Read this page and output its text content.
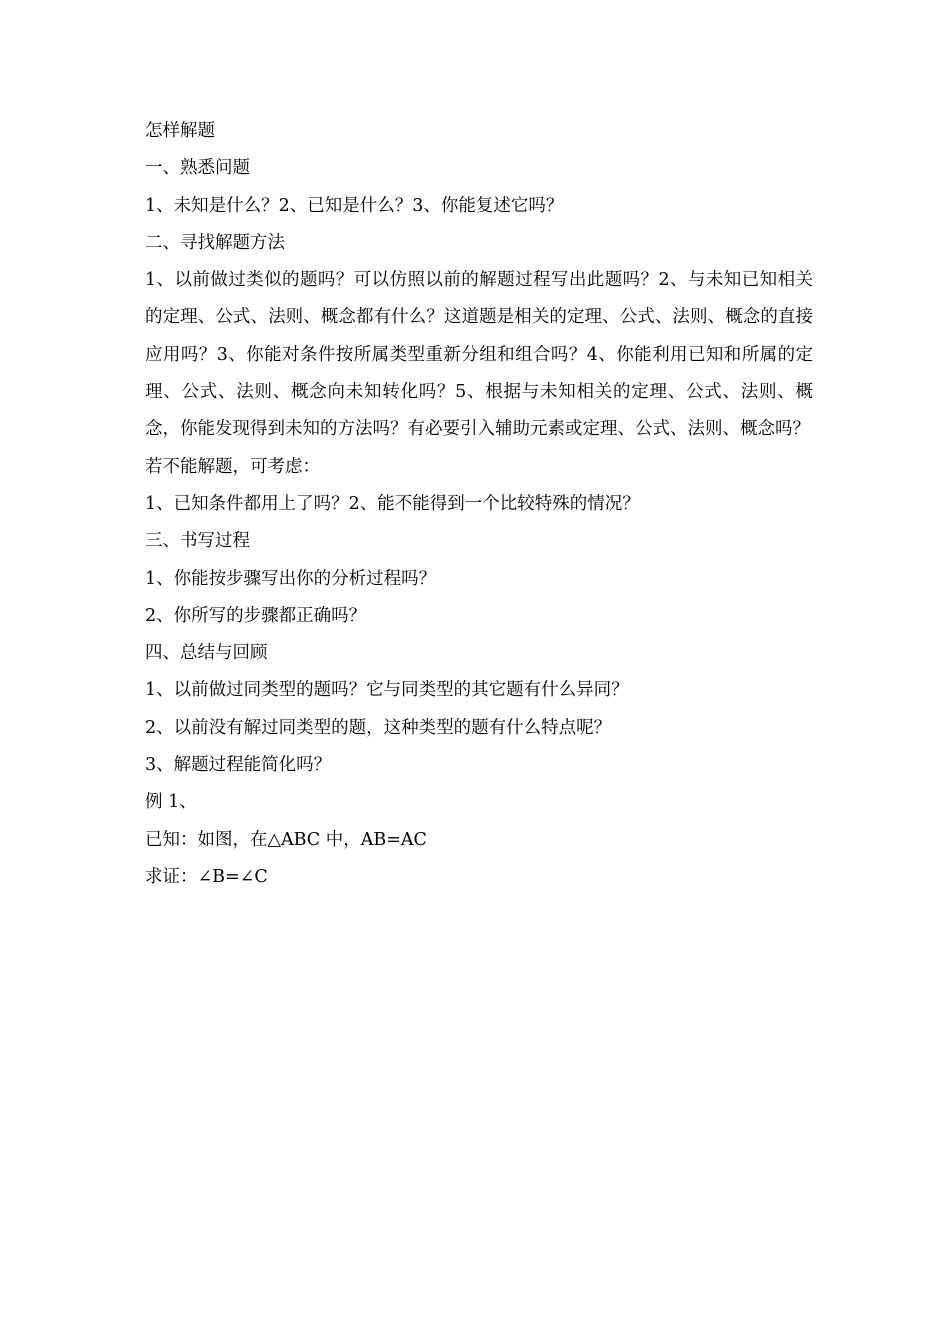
怎样解题

一、熟悉问题

1、未知是什么？2、已知是什么？3、你能复述它吗？

二、寻找解题方法

1、以前做过类似的题吗？可以仿照以前的解题过程写出此题吗？2、与未知已知相关的定理、公式、法则、概念都有什么？这道题是相关的定理、公式、法则、概念的直接应用吗？3、你能对条件按所属类型重新分组和组合吗？4、你能利用已知和所属的定理、公式、法则、概念向未知转化吗？5、根据与未知相关的定理、公式、法则、概念，你能发现得到未知的方法吗？有必要引入辅助元素或定理、公式、法则、概念吗？

若不能解题，可考虑：

1、已知条件都用上了吗？2、能不能得到一个比较特殊的情况？

三、书写过程

1、你能按步骤写出你的分析过程吗？

2、你所写的步骤都正确吗？

四、总结与回顾

1、以前做过同类型的题吗？它与同类型的其它题有什么异同？

2、以前没有解过同类型的题，这种类型的题有什么特点呢？

3、解题过程能简化吗？

例 1、

已知：如图，在△ABC 中，AB=AC

求证：∠B=∠C
